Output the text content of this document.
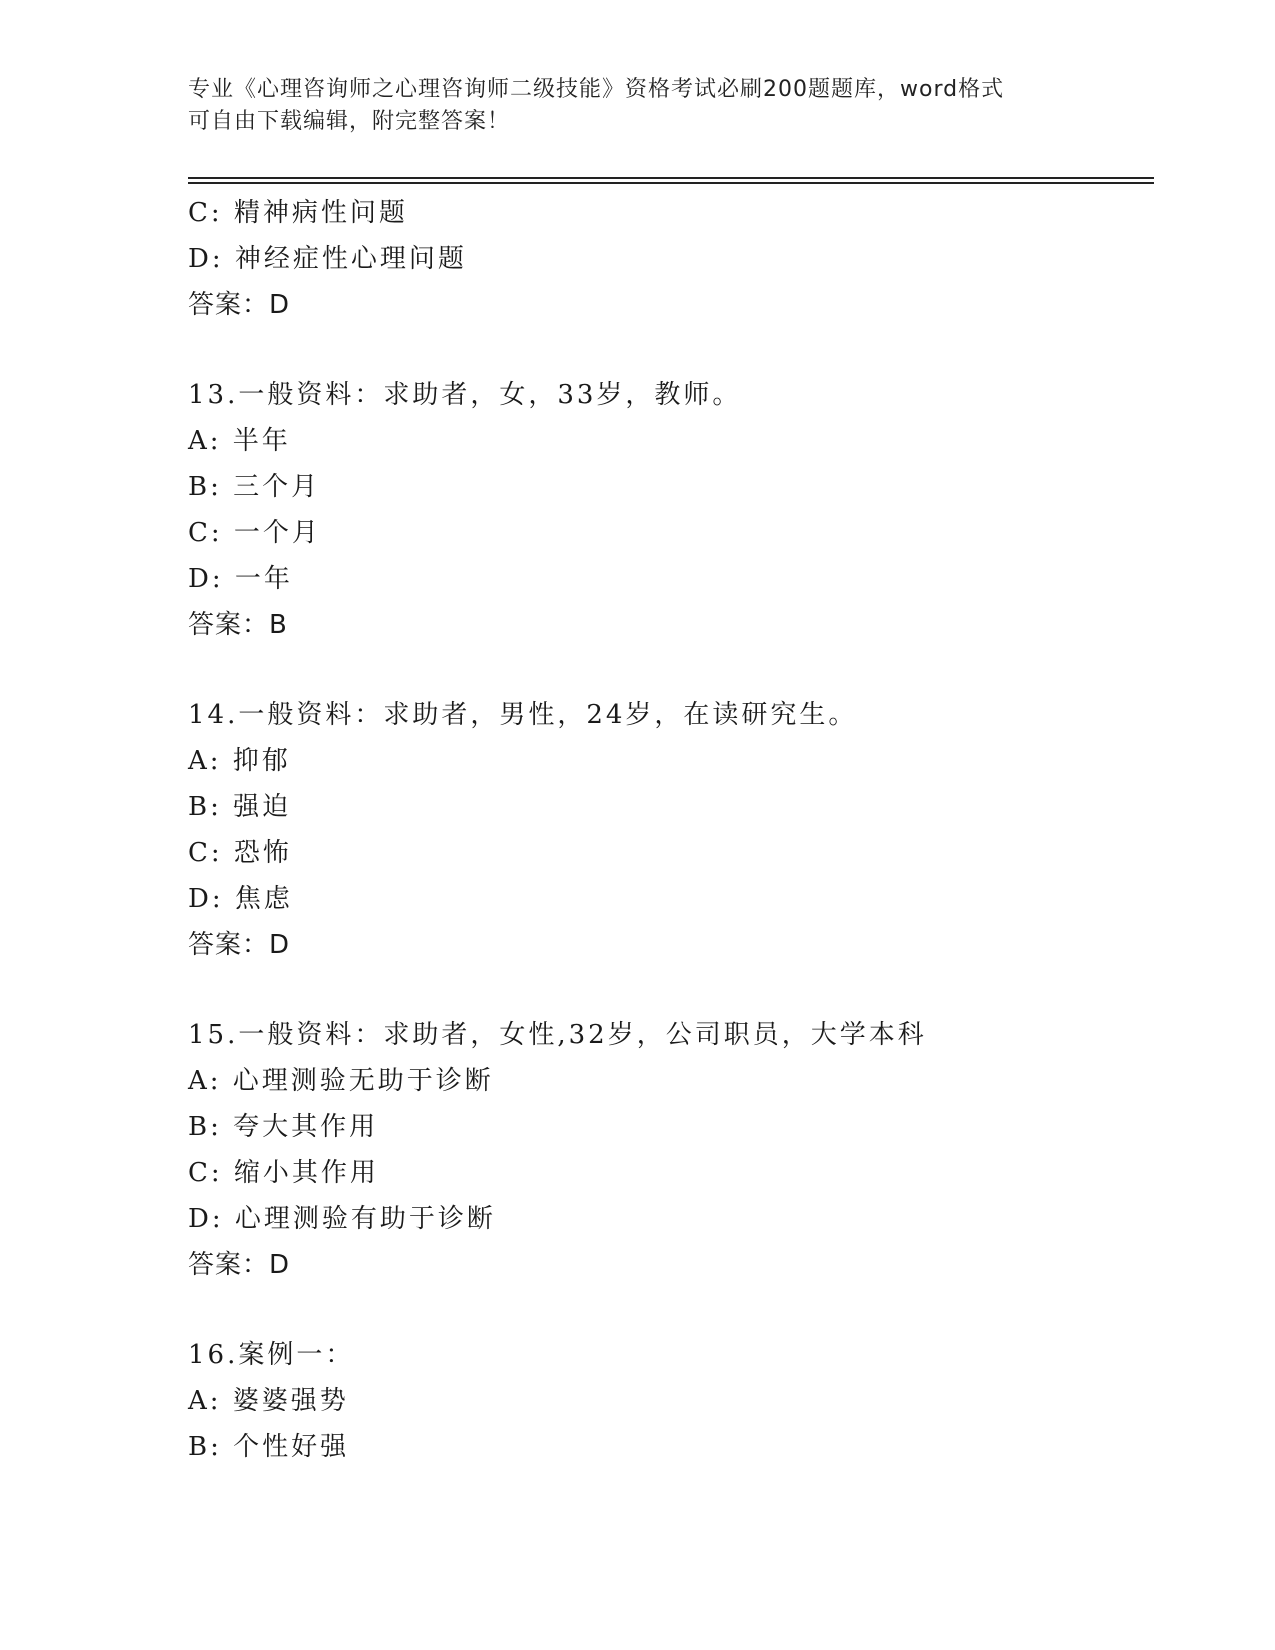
专业《心理咨询师之心理咨询师二级技能》资格考试必刷200题题库，word格式
可自由下载编辑，附完整答案！
C: 精神病性问题
D: 神经症性心理问题
答案：D
13.一般资料：求助者，女，33岁，教师。
A: 半年
B: 三个月
C: 一个月
D: 一年
答案：B
14.一般资料：求助者，男性，24岁，在读研究生。
A: 抑郁
B: 强迫
C: 恐怖
D: 焦虑
答案：D
15.一般资料：求助者，女性,32岁，公司职员，大学本科
A: 心理测验无助于诊断
B: 夸大其作用
C: 缩小其作用
D: 心理测验有助于诊断
答案：D
16.案例一：
A: 婆婆强势
B: 个性好强
